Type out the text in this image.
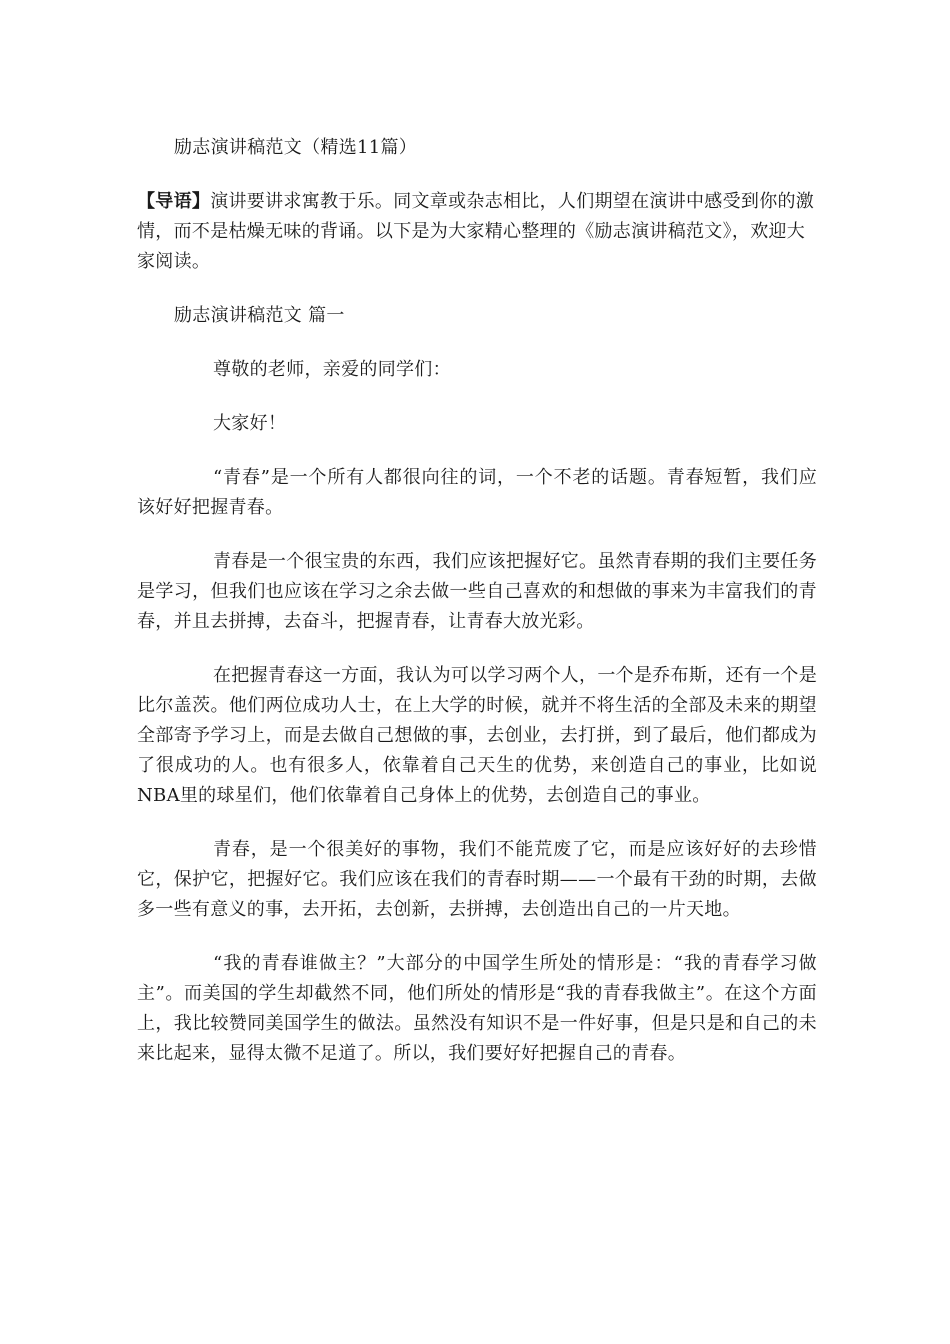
励志演讲稿范文（精选11篇）
【导语】演讲要讲求寓教于乐。同文章或杂志相比，人们期望在演讲中感受到你的激情，而不是枯燥无味的背诵。以下是为大家精心整理的《励志演讲稿范文》，欢迎大家阅读。
励志演讲稿范文 篇一
尊敬的老师，亲爱的同学们：
大家好！
“青春”是一个所有人都很向往的词，一个不老的话题。青春短暂，我们应该好好把握青春。
青春是一个很宝贵的东西，我们应该把握好它。虽然青春期的我们主要任务是学习，但我们也应该在学习之余去做一些自己喜欢的和想做的事来为丰富我们的青春，并且去拼搏，去奋斗，把握青春，让青春大放光彩。
在把握青春这一方面，我认为可以学习两个人，一个是乔布斯，还有一个是比尔盖茨。他们两位成功人士，在上大学的时候，就并不将生活的全部及未来的期望全部寄予学习上，而是去做自己想做的事，去创业，去打拼，到了最后，他们都成为了很成功的人。也有很多人，依靠着自己天生的优势，来创造自己的事业，比如说NBA里的球星们，他们依靠着自己身体上的优势，去创造自己的事业。
青春，是一个很美好的事物，我们不能荒废了它，而是应该好好的去珍惜它，保护它，把握好它。我们应该在我们的青春时期——一个最有干劲的时期，去做多一些有意义的事，去开拓，去创新，去拼搏，去创造出自己的一片天地。
“我的青春谁做主？”大部分的中国学生所处的情形是：“我的青春学习做主”。而美国的学生却截然不同，他们所处的情形是“我的青春我做主”。在这个方面上，我比较赞同美国学生的做法。虽然没有知识不是一件好事，但是只是和自己的未来比起来，显得太微不足道了。所以，我们要好好把握自己的青春。
